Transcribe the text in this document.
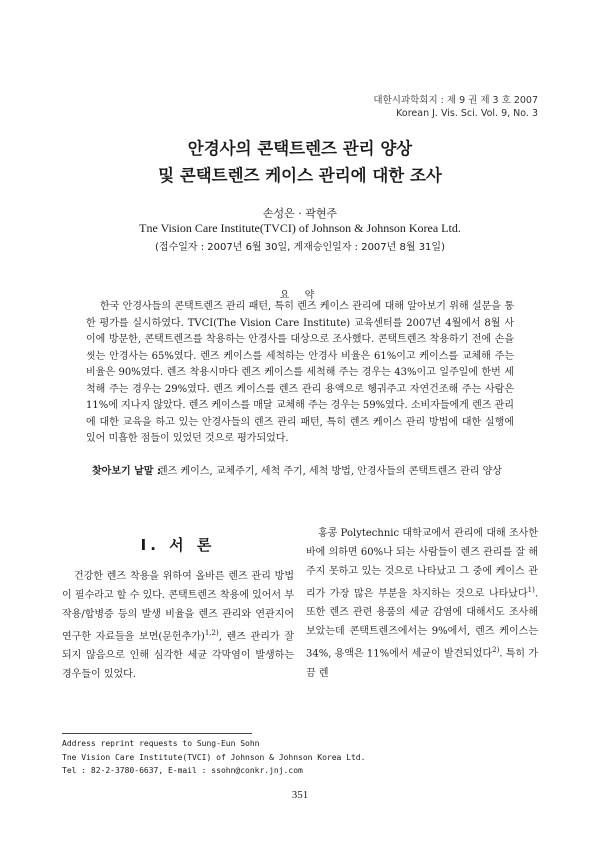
대한시과학회지 : 제 9 권 제 3 호 2007
Korean J. Vis. Sci. Vol. 9, No. 3
안경사의 콘택트렌즈 관리 양상
및 콘택트렌즈 케이스 관리에 대한 조사
손성은 · 곽현주
Tne Vision Care Institute(TVCI) of Johnson & Johnson Korea Ltd.
(접수일자 : 2007년 6월 30일, 게재승인일자 : 2007년 8월 31일)
요 약
한국 안경사들의 콘택트렌즈 관리 패턴, 특히 렌즈 케이스 관리에 대해 알아보기 위해 설문을 통한 평가를 실시하였다. TVCI(The Vision Care Institute) 교육센터를 2007년 4월에서 8월 사이에 방문한, 콘택트렌즈를 착용하는 안경사를 대상으로 조사했다. 콘택트렌즈 착용하기 전에 손을 씻는 안경사는 65%였다. 렌즈 케이스를 세척하는 안경사 비율은 61%이고 케이스를 교체해 주는 비율은 90%였다. 렌즈 착용시마다 렌즈 케이스를 세척해 주는 경우는 43%이고 일주일에 한번 세척해 주는 경우는 29%였다. 렌즈 케이스를 렌즈 관리 용액으로 헹궈주고 자연건조해 주는 사람은 11%에 지나지 않았다. 렌즈 케이스를 매달 교체해 주는 경우는 59%였다. 소비자들에게 렌즈 관리에 대한 교육을 하고 있는 안경사들의 렌즈 관리 패턴, 특히 렌즈 케이스 관리 방법에 대한 실행에 있어 미흡한 점들이 있었던 것으로 평가되었다.
찾아보기 낱말 :
렌즈 케이스, 교체주기, 세척 주기, 세척 방법, 안경사들의 콘택트렌즈 관리 양상
I. 서 론
건강한 렌즈 착용을 위하여 올바른 렌즈 관리 방법이 필수라고 할 수 있다. 콘택트렌즈 착용에 있어서 부작용/합병증 등의 발생 비율을 렌즈 관리와 연관지어 연구한 자료들을 보면(문헌추가)$^{1,2)}$, 렌즈 관리가 잘 되지 않음으로 인해 심각한 세균 각막염이 발생하는 경우들이 있었다.
홍콩 Polytechnic 대학교에서 관리에 대해 조사한 바에 의하면 60%나 되는 사람들이 렌즈 관리를 잘 해주지 못하고 있는 것으로 나타났고 그 중에 케이스 관리가 가장 많은 부분을 차지하는 것으로 나타났다$^{1)}$. 또한 렌즈 관련 용품의 세균 감염에 대해서도 조사해 보았는데 콘택트렌즈에서는 9%에서, 렌즈 케이스는 34%, 용액은 11%에서 세균이 발견되었다$^{2)}$. 특히 가끔 렌
Address reprint requests to Sung-Eun Sohn
Tne Vision Care Institute(TVCI) of Johnson & Johnson Korea Ltd.
Tel : 82-2-3780-6637, E-mail : ssohn@conkr.jnj.com
351
